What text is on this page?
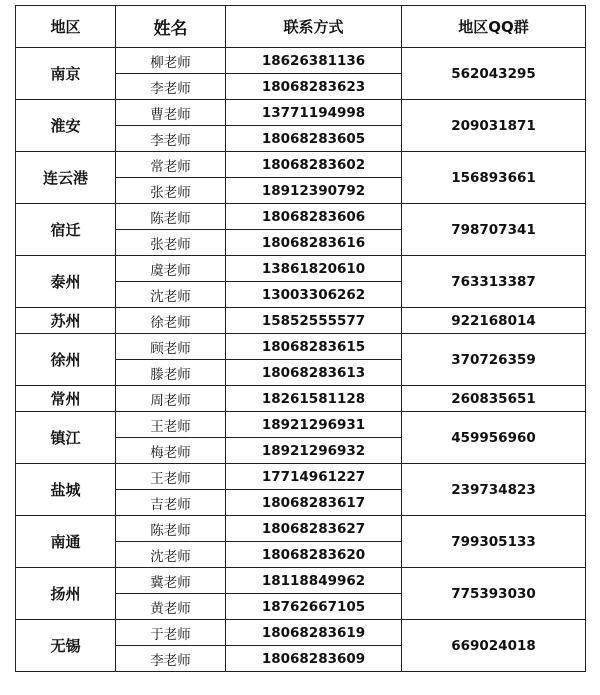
地区	姓名	联系方式	地区QQ群
南京	柳老师	18626381136	562043295
	李老师	18068283623	
淮安	曹老师	13771194998	209031871
	李老师	18068283605	
连云港	常老师	18068283602	156893661
	张老师	18912390792	
宿迁	陈老师	18068283606	798707341
	张老师	18068283616	
泰州	虞老师	13861820610	763313387
	沈老师	13003306262	
苏州	徐老师	15852555577	922168014
徐州	顾老师	18068283615	370726359
	滕老师	18068283613	
常州	周老师	18261581128	260835651
镇江	王老师	18921296931	459956960
	梅老师	18921296932	
盐城	王老师	17714961227	239734823
	吉老师	18068283617	
南通	陈老师	18068283627	799305133
	沈老师	18068283620	
扬州	冀老师	18118849962	775393030
	黄老师	18762667105	
无锡	于老师	18068283619	669024018
	李老师	18068283609	
